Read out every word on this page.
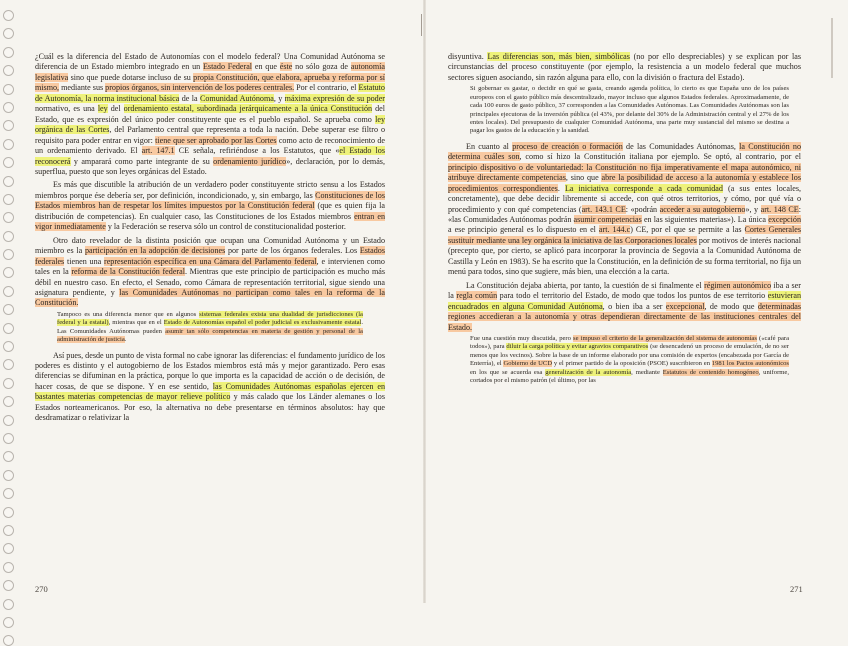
¿Cuál es la diferencia del Estado de Autonomías con el modelo federal? Una Comunidad Autónoma se diferencia de un Estado miembro integrado en un Estado Federal en que éste no sólo goza de autonomía legislativa sino que puede dotarse incluso de su propia Constitución, que elabora, aprueba y reforma por sí mismo, mediante sus propios órganos, sin intervención de los poderes centrales. Por el contrario, el Estatuto de Autonomía, la norma institucional básica de la Comunidad Autónoma, y máxima expresión de su poder normativo, es una ley del ordenamiento estatal, subordinada jerárquicamente a la única Constitución del Estado, que es expresión del único poder constituyente que es el pueblo español. Se aprueba como ley orgánica de las Cortes, del Parlamento central que representa a toda la nación. Debe superar ese filtro o requisito para poder entrar en vigor: tiene que ser aprobado por las Cortes como acto de reconocimiento de un ordenamiento derivado. El art. 147.1 CE señala, refiriéndose a los Estatutos, que «el Estado los reconocerá y amparará como parte integrante de su ordenamiento jurídico», declaración, por lo demás, superflua, puesto que son leyes orgánicas del Estado.

Es más que discutible la atribución de un verdadero poder constituyente stricto sensu a los Estados miembros porque ése debería ser, por definición, incondicionado, y, sin embargo, las Constituciones de los Estados miembros han de respetar los límites impuestos por la Constitución federal (que es quien fija la distribución de competencias). En cualquier caso, las Constituciones de los Estados miembros entran en vigor inmediatamente y la Federación se reserva sólo un control de constitucionalidad posterior.

Otro dato revelador de la distinta posición que ocupan una Comunidad Autónoma y un Estado miembro es la participación en la adopción de decisiones por parte de los órganos federales. Los Estados federales tienen una representación específica en una Cámara del Parlamento federal, e intervienen como tales en la reforma de la Constitución federal. Mientras que este principio de participación es mucho más débil en nuestro caso. En efecto, el Senado, como Cámara de representación territorial, sigue siendo una asignatura pendiente, y las Comunidades Autónomas no participan como tales en la reforma de la Constitución.

Tampoco es una diferencia menor que en algunos sistemas federales exista una dualidad de jurisdicciones (la federal y la estatal), mientras que en el Estado de Autonomías español el poder judicial es exclusivamente estatal. Las Comunidades Autónomas pueden asumir tan sólo competencias en materia de gestión y personal de la administración de justicia.

Así pues, desde un punto de vista formal no cabe ignorar las diferencias: el fundamento jurídico de los poderes es distinto y el autogobierno de los Estados miembros está más y mejor garantizado. Pero esas diferencias se difuminan en la práctica, porque lo que importa es la capacidad de acción o de decisión, de hacer cosas, de que se dispone. Y en ese sentido, las Comunidades Autónomas españolas ejercen en bastantes materias competencias de mayor relieve político y más calado que los Länder alemanes o los Estados norteamericanos. Por eso, la alternativa no debe presentarse en términos absolutos: hay que desdramatizar o relativizar la

disyuntiva. Las diferencias son, más bien, simbólicas (no por ello despreciables) y se explican por las circunstancias del proceso constituyente (por ejemplo, la resistencia a un modelo federal que muchos sectores siguen asociando, sin razón alguna para ello, con la división o fractura del Estado).

Si gobernar es gastar, o decidir en qué se gasta, creando agenda política, lo cierto es que España uno de los países europeos con el gasto público más descentralizado, mayor incluso que algunos Estados federales. Aproximadamente, de cada 100 euros de gasto público, 37 corresponden a las Comunidades Autónomas. Las Comunidades Autónomas son las principales ejecutoras de la inversión pública (el 43%, por delante del 30% de la Administración central y el 27% de los entes locales). Del presupuesto de cualquier Comunidad Autónoma, una parte muy sustancial del mismo se destina a pagar los gastos de la educación y la sanidad.

En cuanto al proceso de creación o formación de las Comunidades Autónomas, la Constitución no determina cuáles son, como sí hizo la Constitución italiana por ejemplo. Se optó, al contrario, por el principio dispositivo o de voluntariedad: la Constitución no fija imperativamente el mapa autonómico, ni atribuye directamente competencias, sino que abre la posibilidad de acceso a la autonomía y establece los procedimientos correspondientes. La iniciativa corresponde a cada comunidad (a sus entes locales, concretamente), que debe decidir libremente si accede, con qué otros territorios, y cómo, por qué vía o procedimiento y con qué competencias (art. 143.1 CE: «podrán acceder a su autogobierno», y art. 148 CE: «las Comunidades Autónomas podrán asumir competencias en las siguientes materias»). La única excepción a ese principio general es lo dispuesto en el art. 144.c) CE, por el que se permite a las Cortes Generales sustituir mediante una ley orgánica la iniciativa de las Corporaciones locales por motivos de interés nacional (precepto que, por cierto, se aplicó para incorporar la provincia de Segovia a la Comunidad Autónoma de Castilla y León en 1983). Se ha escrito que la Constitución, en la definición de su forma territorial, no fija un menú para todos, sino que sugiere, más bien, una elección a la carta.

La Constitución dejaba abierta, por tanto, la cuestión de si finalmente el régimen autonómico iba a ser la regla común para todo el territorio del Estado, de modo que todos los puntos de ese territorio estuvieran encuadrados en alguna Comunidad Autónoma, o bien iba a ser excepcional, de modo que determinadas regiones accedieran a la autonomía y otras dependieran directamente de las instituciones centrales del Estado.

Fue una cuestión muy discutida, pero se impuso el criterio de la generalización del sistema de autonomías («café para todos»), para diluir la carga política y evitar agravios comparativos (se desencadenó un proceso de emulación, de no ser menos que los vecinos). Sobre la base de un informe elaborado por una comisión de expertos (encabezada por García de Enterría), el Gobierno de UCD y el primer partido de la oposición (PSOE) suscribieron en 1981 los Pactos autonómicos en los que se acuerda esa generalización de la autonomía, mediante Estatutos de contenido homogéneo, uniforme, cortados por el mismo patrón (el último, por las

270	271
